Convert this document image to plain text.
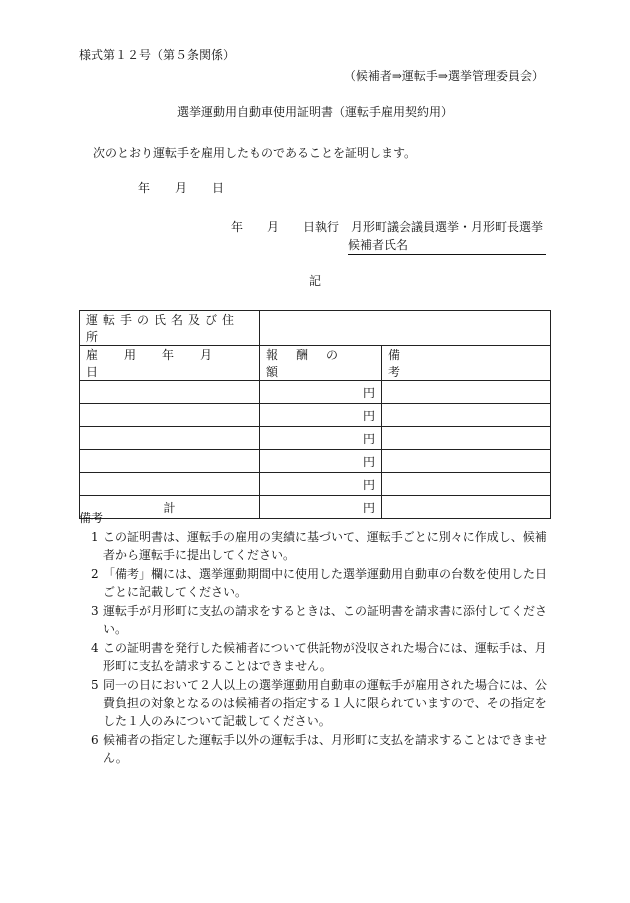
様式第１２号（第５条関係）
（候補者⇒運転手⇒選挙管理委員会）
選挙運動用自動車使用証明書（運転手雇用契約用）
次のとおり運転手を雇用したものであることを証明します。
年 月 日
年　　月　　日執行　月形町議会議員選挙・月形町長選挙
候補者氏名
記
運転手の氏名及び住所		
雇用年月日	報酬の額	備考
	円	
	円	
	円	
	円	
	円	
計	円	
備考
1 この証明書は、運転手の雇用の実績に基づいて、運転手ごとに別々に作成し、候補者から運転手に提出してください。
2 「備考」欄には、選挙運動期間中に使用した選挙運動用自動車の台数を使用した日ごとに記載してください。
3 運転手が月形町に支払の請求をするときは、この証明書を請求書に添付してください。
4 この証明書を発行した候補者について供託物が没収された場合には、運転手は、月形町に支払を請求することはできません。
5 同一の日において２人以上の選挙運動用自動車の運転手が雇用された場合には、公費負担の対象となるのは候補者の指定する１人に限られていますので、その指定をした１人のみについて記載してください。
6 候補者の指定した運転手以外の運転手は、月形町に支払を請求することはできません。
